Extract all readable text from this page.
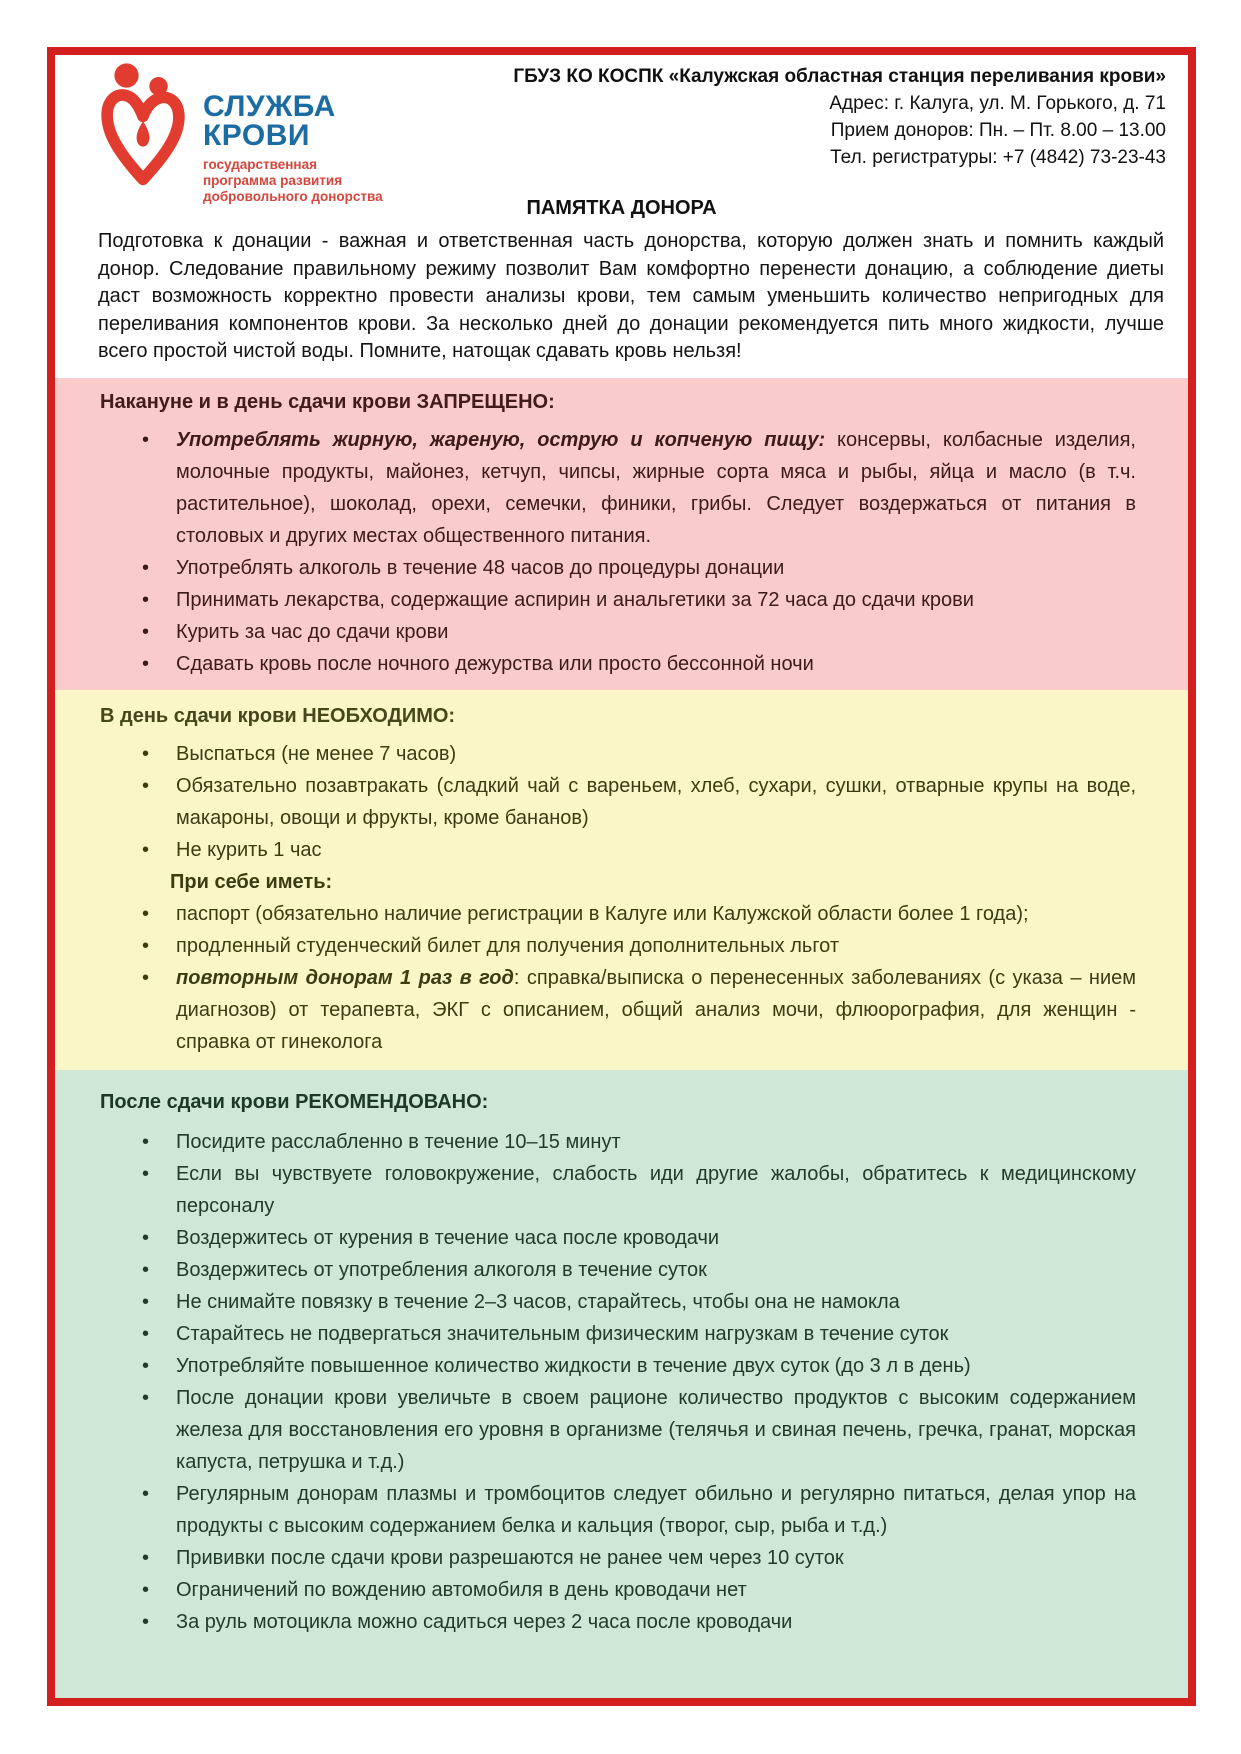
СЛУЖБА
КРОВИ
государственная
программа развития
добровольного донорства
ГБУЗ КО КОСПК «Калужская областная станция переливания крови»
Адрес: г. Калуга, ул. М. Горького, д. 71
Прием доноров: Пн. – Пт. 8.00 – 13.00
Тел. регистратуры: +7 (4842) 73-23-43
ПАМЯТКА ДОНОРА

Подготовка к донации - важная и ответственная часть донорства, которую должен знать и помнить каждый донор. Следование правильному режиму позволит Вам комфортно перенести донацию, а соблюдение диеты даст возможность корректно провести анализы крови, тем самым уменьшить количество непригодных для переливания компонентов крови. За несколько дней до донации рекомендуется пить много жидкости, лучше всего простой чистой воды. Помните, натощак сдавать кровь нельзя!

Накануне и в день сдачи крови ЗАПРЕЩЕНО:
• Употреблять жирную, жареную, острую и копченую пищу: консервы, колбасные изделия, молочные продукты, майонез, кетчуп, чипсы, жирные сорта мяса и рыбы, яйца и масло (в т.ч. растительное), шоколад, орехи, семечки, финики, грибы. Следует воздержаться от питания в столовых и других местах общественного питания.
• Употреблять алкоголь в течение 48 часов до процедуры донации
• Принимать лекарства, содержащие аспирин и анальгетики за 72 часа до сдачи крови
• Курить за час до сдачи крови
• Сдавать кровь после ночного дежурства или просто бессонной ночи
В день сдачи крови НЕОБХОДИМО:
• Выспаться (не менее 7 часов)
• Обязательно позавтракать (сладкий чай с вареньем, хлеб, сухари, сушки, отварные крупы на воде, макароны, овощи и фрукты, кроме бананов)
• Не курить 1 час
При себе иметь:
• паспорт (обязательно наличие регистрации в Калуге или Калужской области более 1 года);
• продленный студенческий билет для получения дополнительных льгот
• повторным донорам 1 раз в год: справка/выписка о перенесенных заболеваниях (с указа – нием диагнозов) от терапевта, ЭКГ с описанием, общий анализ мочи, флюорография, для женщин - справка от гинеколога
После сдачи крови РЕКОМЕНДОВАНО:
• Посидите расслабленно в течение 10–15 минут
• Если вы чувствуете головокружение, слабость иди другие жалобы, обратитесь к медицинскому персоналу
• Воздержитесь от курения в течение часа после кроводачи
• Воздержитесь от употребления алкоголя в течение суток
• Не снимайте повязку в течение 2–3 часов, старайтесь, чтобы она не намокла
• Старайтесь не подвергаться значительным физическим нагрузкам в течение суток
• Употребляйте повышенное количество жидкости в течение двух суток (до 3 л в день)
• После донации крови увеличьте в своем рационе количество продуктов с высоким содержанием железа для восстановления его уровня в организме (телячья и свиная печень, гречка, гранат, морская капуста, петрушка и т.д.)
• Регулярным донорам плазмы и тромбоцитов следует обильно и регулярно питаться, делая упор на продукты с высоким содержанием белка и кальция (творог, сыр, рыба и т.д.)
• Прививки после сдачи крови разрешаются не ранее чем через 10 суток
• Ограничений по вождению автомобиля в день кроводачи нет
• За руль мотоцикла можно садиться через 2 часа после кроводачи
